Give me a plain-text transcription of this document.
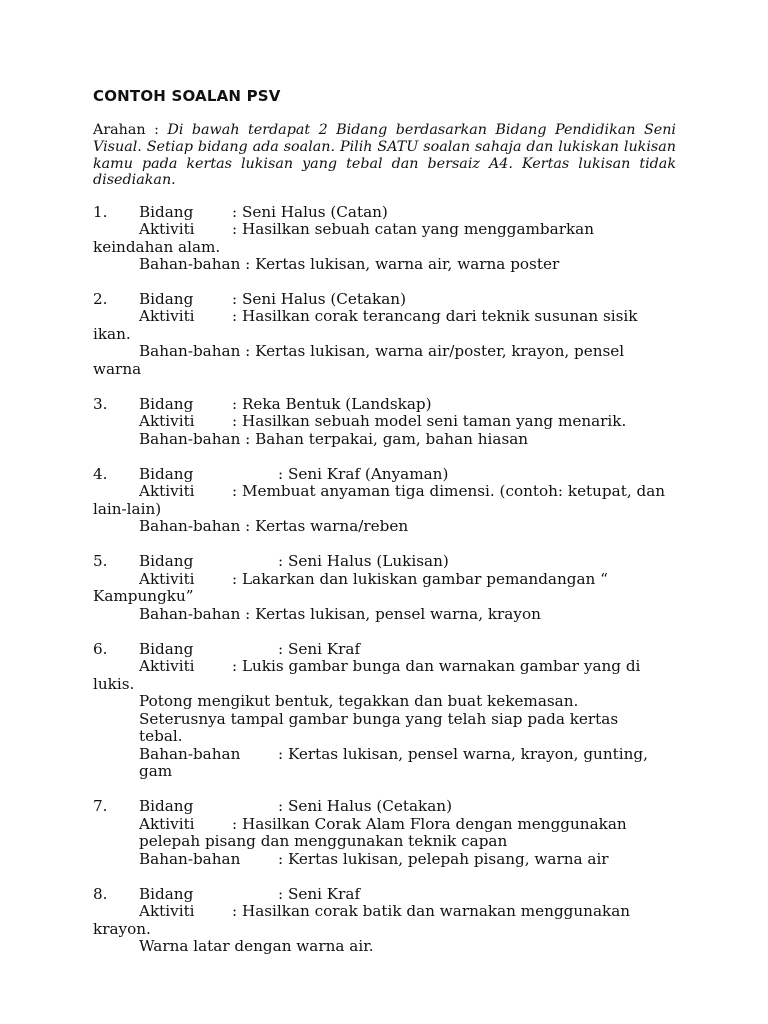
CONTOH SOALAN PSV
Arahan : Di bawah terdapat 2 Bidang berdasarkan Bidang Pendidikan Seni Visual. Setiap bidang ada soalan. Pilih SATU soalan sahaja dan lukiskan lukisan kamu pada kertas lukisan yang tebal dan bersaiz A4. Kertas lukisan tidak disediakan.
1. Bidang	: Seni Halus (Catan)
Aktiviti : Hasilkan sebuah catan yang menggambarkan
keindahan alam.
Bahan-bahan : Kertas lukisan, warna air, warna poster
2. Bidang	: Seni Halus (Cetakan)
Aktiviti : Hasilkan corak terancang dari teknik susunan sisik
ikan.
Bahan-bahan : Kertas lukisan, warna air/poster, krayon, pensel
warna
3. Bidang	: Reka Bentuk (Landskap)
Aktiviti : Hasilkan sebuah model seni taman yang menarik.
Bahan-bahan : Bahan terpakai, gam, bahan hiasan
4. Bidang	: Seni Kraf (Anyaman)
Aktiviti : Membuat anyaman tiga dimensi. (contoh: ketupat, dan
lain-lain)
Bahan-bahan : Kertas warna/reben
5. Bidang	: Seni Halus (Lukisan)
Aktiviti : Lakarkan dan lukiskan gambar pemandangan “
Kampungku”
Bahan-bahan : Kertas lukisan, pensel warna, krayon
6. Bidang	: Seni Kraf
Aktiviti : Lukis gambar bunga dan warnakan gambar yang di
lukis.
Potong mengikut bentuk, tegakkan dan buat kekemasan.
Seterusnya tampal gambar bunga yang telah siap pada kertas
tebal.
Bahan-bahan : Kertas lukisan, pensel warna, krayon, gunting,
gam
7. Bidang	: Seni Halus (Cetakan)
Aktiviti : Hasilkan Corak Alam Flora dengan menggunakan
pelepah pisang dan menggunakan teknik capan
Bahan-bahan : Kertas lukisan, pelepah pisang, warna air
8. Bidang	: Seni Kraf
Aktiviti : Hasilkan corak batik dan warnakan menggunakan
krayon.
Warna latar dengan warna air.
